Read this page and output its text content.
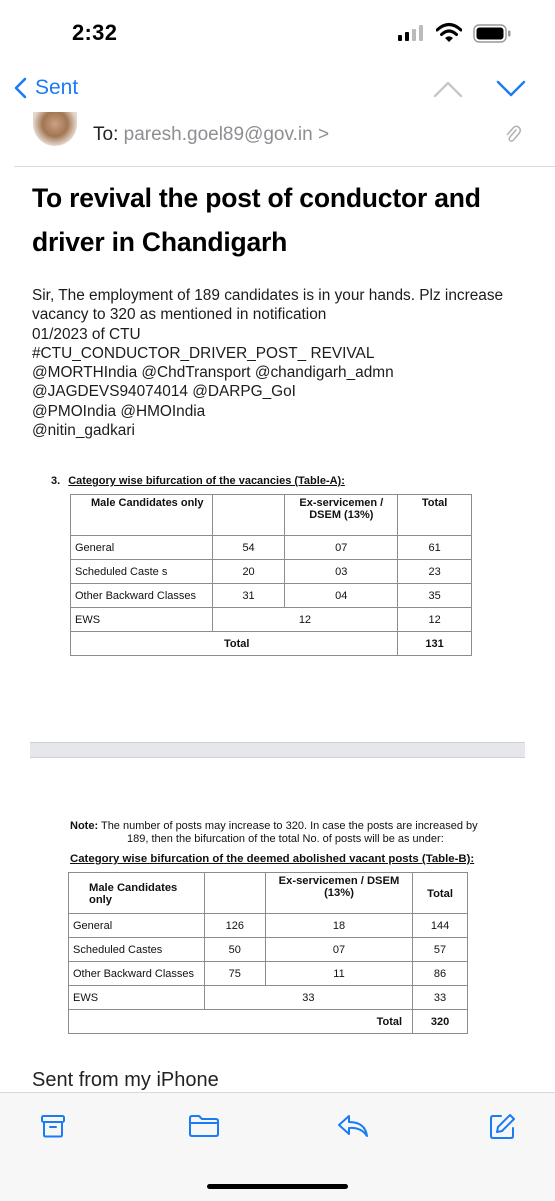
2:32
Sent
To: paresh.goel89@gov.in >
To revival the post of conductor and
driver in Chandigarh
Sir, The employment of 189 candidates is in your hands. Plz increase
vacancy to 320 as mentioned in notification
01/2023 of CTU
#CTU_CONDUCTOR_DRIVER_POST_ REVIVAL
@MORTHIndia @ChdTransport @chandigarh_admn
@JAGDEVS94074014 @DARPG_GoI
@PMOIndia @HMOIndia
@nitin_gadkari
3. Category wise bifurcation of the vacancies (Table-A):
Male Candidates only		Ex-servicemen / DSEM (13%)	Total
General	54	07	61
Scheduled Caste s	20	03	23
Other Backward Classes	31	04	35
EWS	12		12
Total			131
Note: The number of posts may increase to 320. In case the posts are increased by
189, then the bifurcation of the total No. of posts will be as under:
Category wise bifurcation of the deemed abolished vacant posts (Table-B):
Male Candidates only		Ex-servicemen / DSEM (13%)	Total
General	126	18	144
Scheduled Castes	50	07	57
Other Backward Classes	75	11	86
EWS	33		33
Total			320
Sent from my iPhone
